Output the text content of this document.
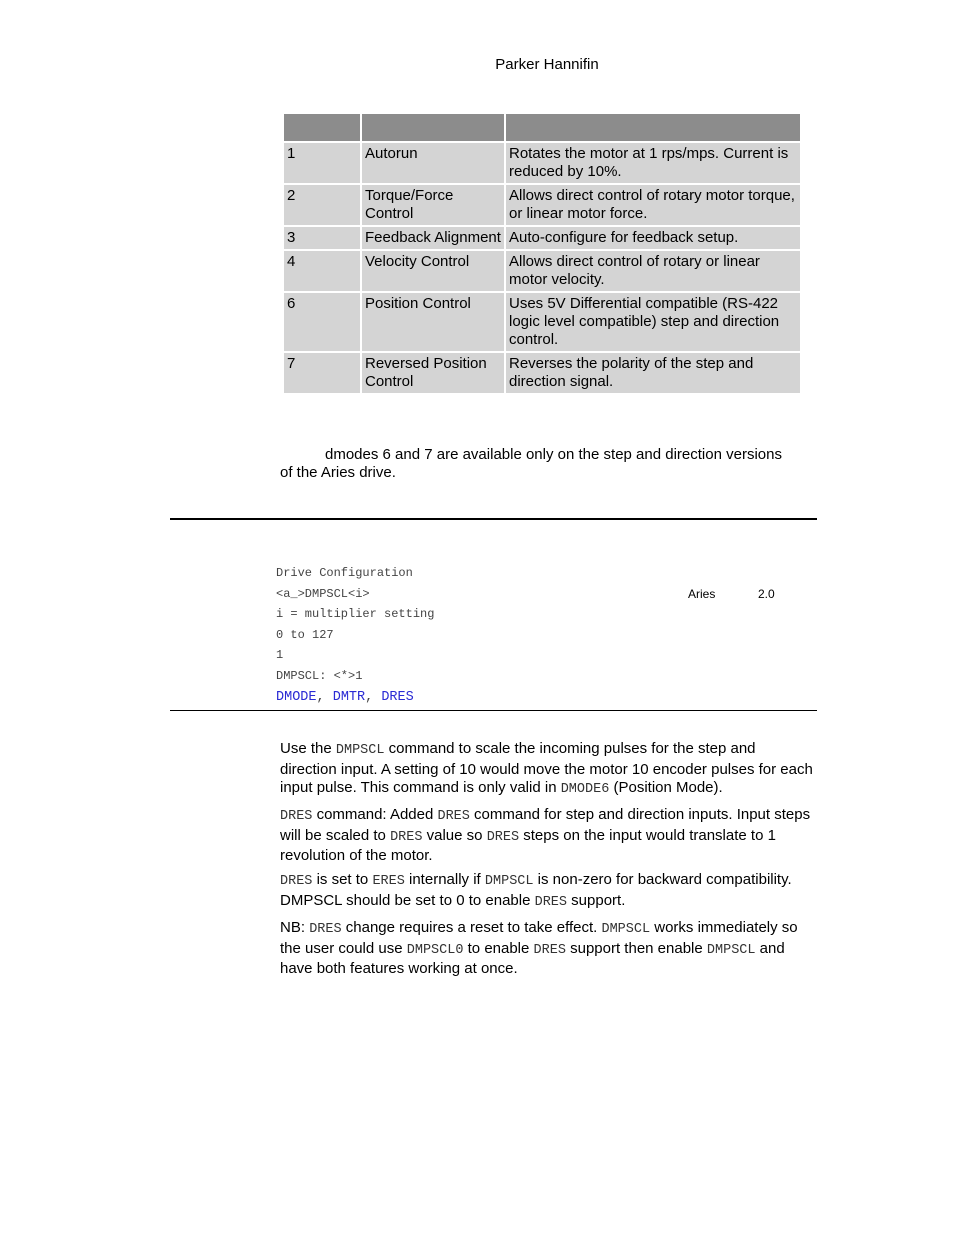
Parker Hannifin

1	Autorun	Rotates the motor at 1 rps/mps. Current is reduced by 10%.
2	Torque/Force Control	Allows direct control of rotary motor torque, or linear motor force.
3	Feedback Alignment	Auto-configure for feedback setup.
4	Velocity Control	Allows direct control of rotary or linear motor velocity.
6	Position Control	Uses 5V Differential compatible (RS-422 logic level compatible) step and direction control.
7	Reversed Position Control	Reverses the polarity of the step and direction signal.
dmodes 6 and 7 are available only on the step and direction versions
of the Aries drive.
Drive Configuration
<a_>DMPSCL<i>
i = multiplier setting
0 to 127
1
DMPSCL: <*>1
DMODE, DMTR, DRES
Aries	2.0
Use the DMPSCL command to scale the incoming pulses for the step and direction input. A setting of 10 would move the motor 10 encoder pulses for each input pulse. This command is only valid in DMODE6 (Position Mode).
DRES command: Added DRES command for step and direction inputs. Input steps will be scaled to DRES value so DRES steps on the input would translate to 1 revolution of the motor.
DRES is set to ERES internally if DMPSCL is non-zero for backward compatibility. DMPSCL should be set to 0 to enable DRES support.
NB: DRES change requires a reset to take effect. DMPSCL works immediately so the user could use DMPSCL0 to enable DRES support then enable DMPSCL and have both features working at once.
